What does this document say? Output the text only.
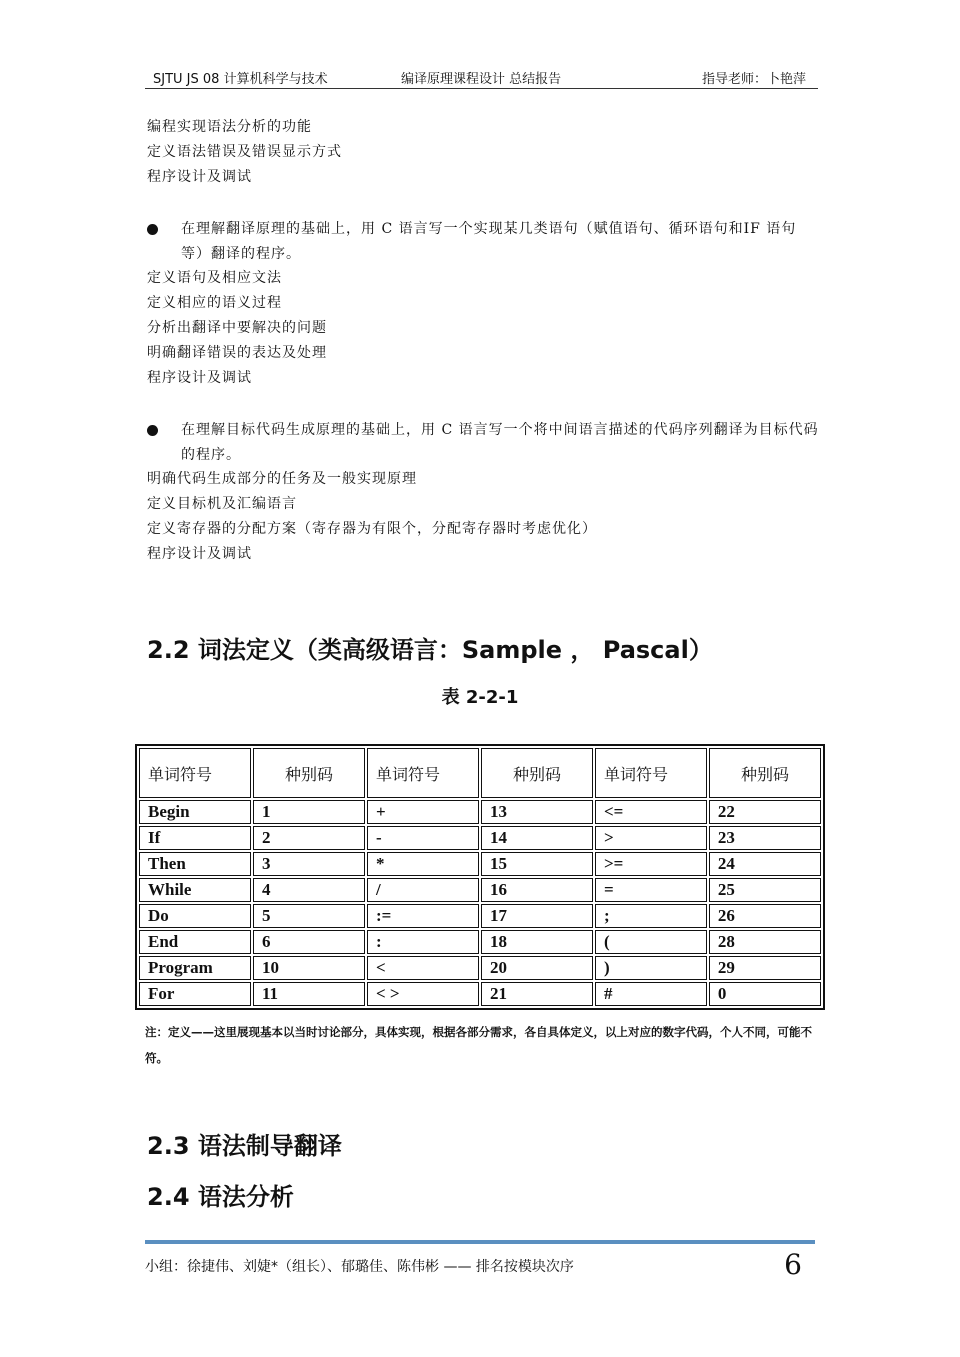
SJTU JS 08 计算机科学与技术	编译原理课程设计 总结报告	指导老师：卜艳萍
编程实现语法分析的功能
定义语法错误及错误显示方式
程序设计及调试
在理解翻译原理的基础上，用 C 语言写一个实现某几类语句（赋值语句、循环语句和IF 语句等）翻译的程序。
定义语句及相应文法
定义相应的语义过程
分析出翻译中要解决的问题
明确翻译错误的表达及处理
程序设计及调试
在理解目标代码生成原理的基础上，用 C 语言写一个将中间语言描述的代码序列翻译为目标代码的程序。
明确代码生成部分的任务及一般实现原理
定义目标机及汇编语言
定义寄存器的分配方案（寄存器为有限个，分配寄存器时考虑优化）
程序设计及调试
2.2 词法定义（类高级语言：Sample ， Pascal）
表 2-2-1
单词符号	种别码	单词符号	种别码	单词符号	种别码
Begin	1	+	13	<=	22
If	2	-	14	>	23
Then	3	*	15	>=	24
While	4	/	16	=	25
Do	5	:=	17	;	26
End	6	:	18	(	28
Program	10	<	20	)	29
For	11	< >	21	#	0
注：定义——这里展现基本以当时讨论部分，具体实现，根据各部分需求，各自具体定义，以上对应的数字代码，个人不同，可能不符。
2.3 语法制导翻译
2.4 语法分析
小组：徐捷伟、刘婕*（组长）、郁璐佳、陈伟彬 —— 排名按模块次序	6
